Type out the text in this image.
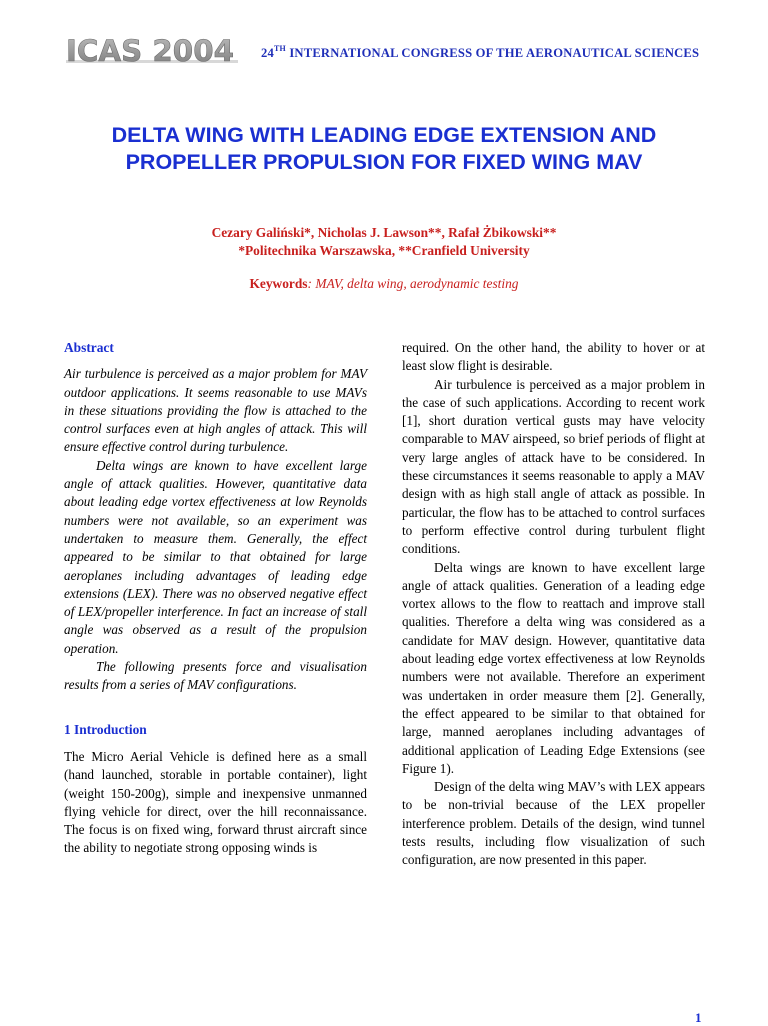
ICAS 2004 24TH INTERNATIONAL CONGRESS OF THE AERONAUTICAL SCIENCES
DELTA WING WITH LEADING EDGE EXTENSION AND PROPELLER PROPULSION FOR FIXED WING MAV
Cezary Galiński*, Nicholas J. Lawson**, Rafał Żbikowski**
*Politechnika Warszawska, **Cranfield University
Keywords: MAV, delta wing, aerodynamic testing
Abstract

Air turbulence is perceived as a major problem for MAV outdoor applications. It seems reasonable to use MAVs in these situations providing the flow is attached to the control surfaces even at high angles of attack. This will ensure effective control during turbulence.

Delta wings are known to have excellent large angle of attack qualities. However, quantitative data about leading edge vortex effectiveness at low Reynolds numbers were not available, so an experiment was undertaken to measure them. Generally, the effect appeared to be similar to that obtained for large aeroplanes including advantages of leading edge extensions (LEX). There was no observed negative effect of LEX/propeller interference. In fact an increase of stall angle was observed as a result of the propulsion operation.

The following presents force and visualisation results from a series of MAV configurations.

1 Introduction

The Micro Aerial Vehicle is defined here as a small (hand launched, storable in portable container), light (weight 150-200g), simple and inexpensive unmanned flying vehicle for direct, over the hill reconnaissance. The focus is on fixed wing, forward thrust aircraft since the ability to negotiate strong opposing winds is

required. On the other hand, the ability to hover or at least slow flight is desirable.

Air turbulence is perceived as a major problem in the case of such applications. According to recent work [1], short duration vertical gusts may have velocity comparable to MAV airspeed, so brief periods of flight at very large angles of attack have to be considered. In these circumstances it seems reasonable to apply a MAV design with as high stall angle of attack as possible. In particular, the flow has to be attached to control surfaces to perform effective control during turbulent flight conditions.

Delta wings are known to have excellent large angle of attack qualities. Generation of a leading edge vortex allows to the flow to reattach and improve stall qualities. Therefore a delta wing was considered as a candidate for MAV design. However, quantitative data about leading edge vortex effectiveness at low Reynolds numbers were not available. Therefore an experiment was undertaken in order measure them [2]. Generally, the effect appeared to be similar to that obtained for large, manned aeroplanes including advantages of additional application of Leading Edge Extensions (see Figure 1).

Design of the delta wing MAV’s with LEX appears to be non-trivial because of the LEX propeller interference problem. Details of the design, wind tunnel tests results, including flow visualization of such configuration, are now presented in this paper.

1
